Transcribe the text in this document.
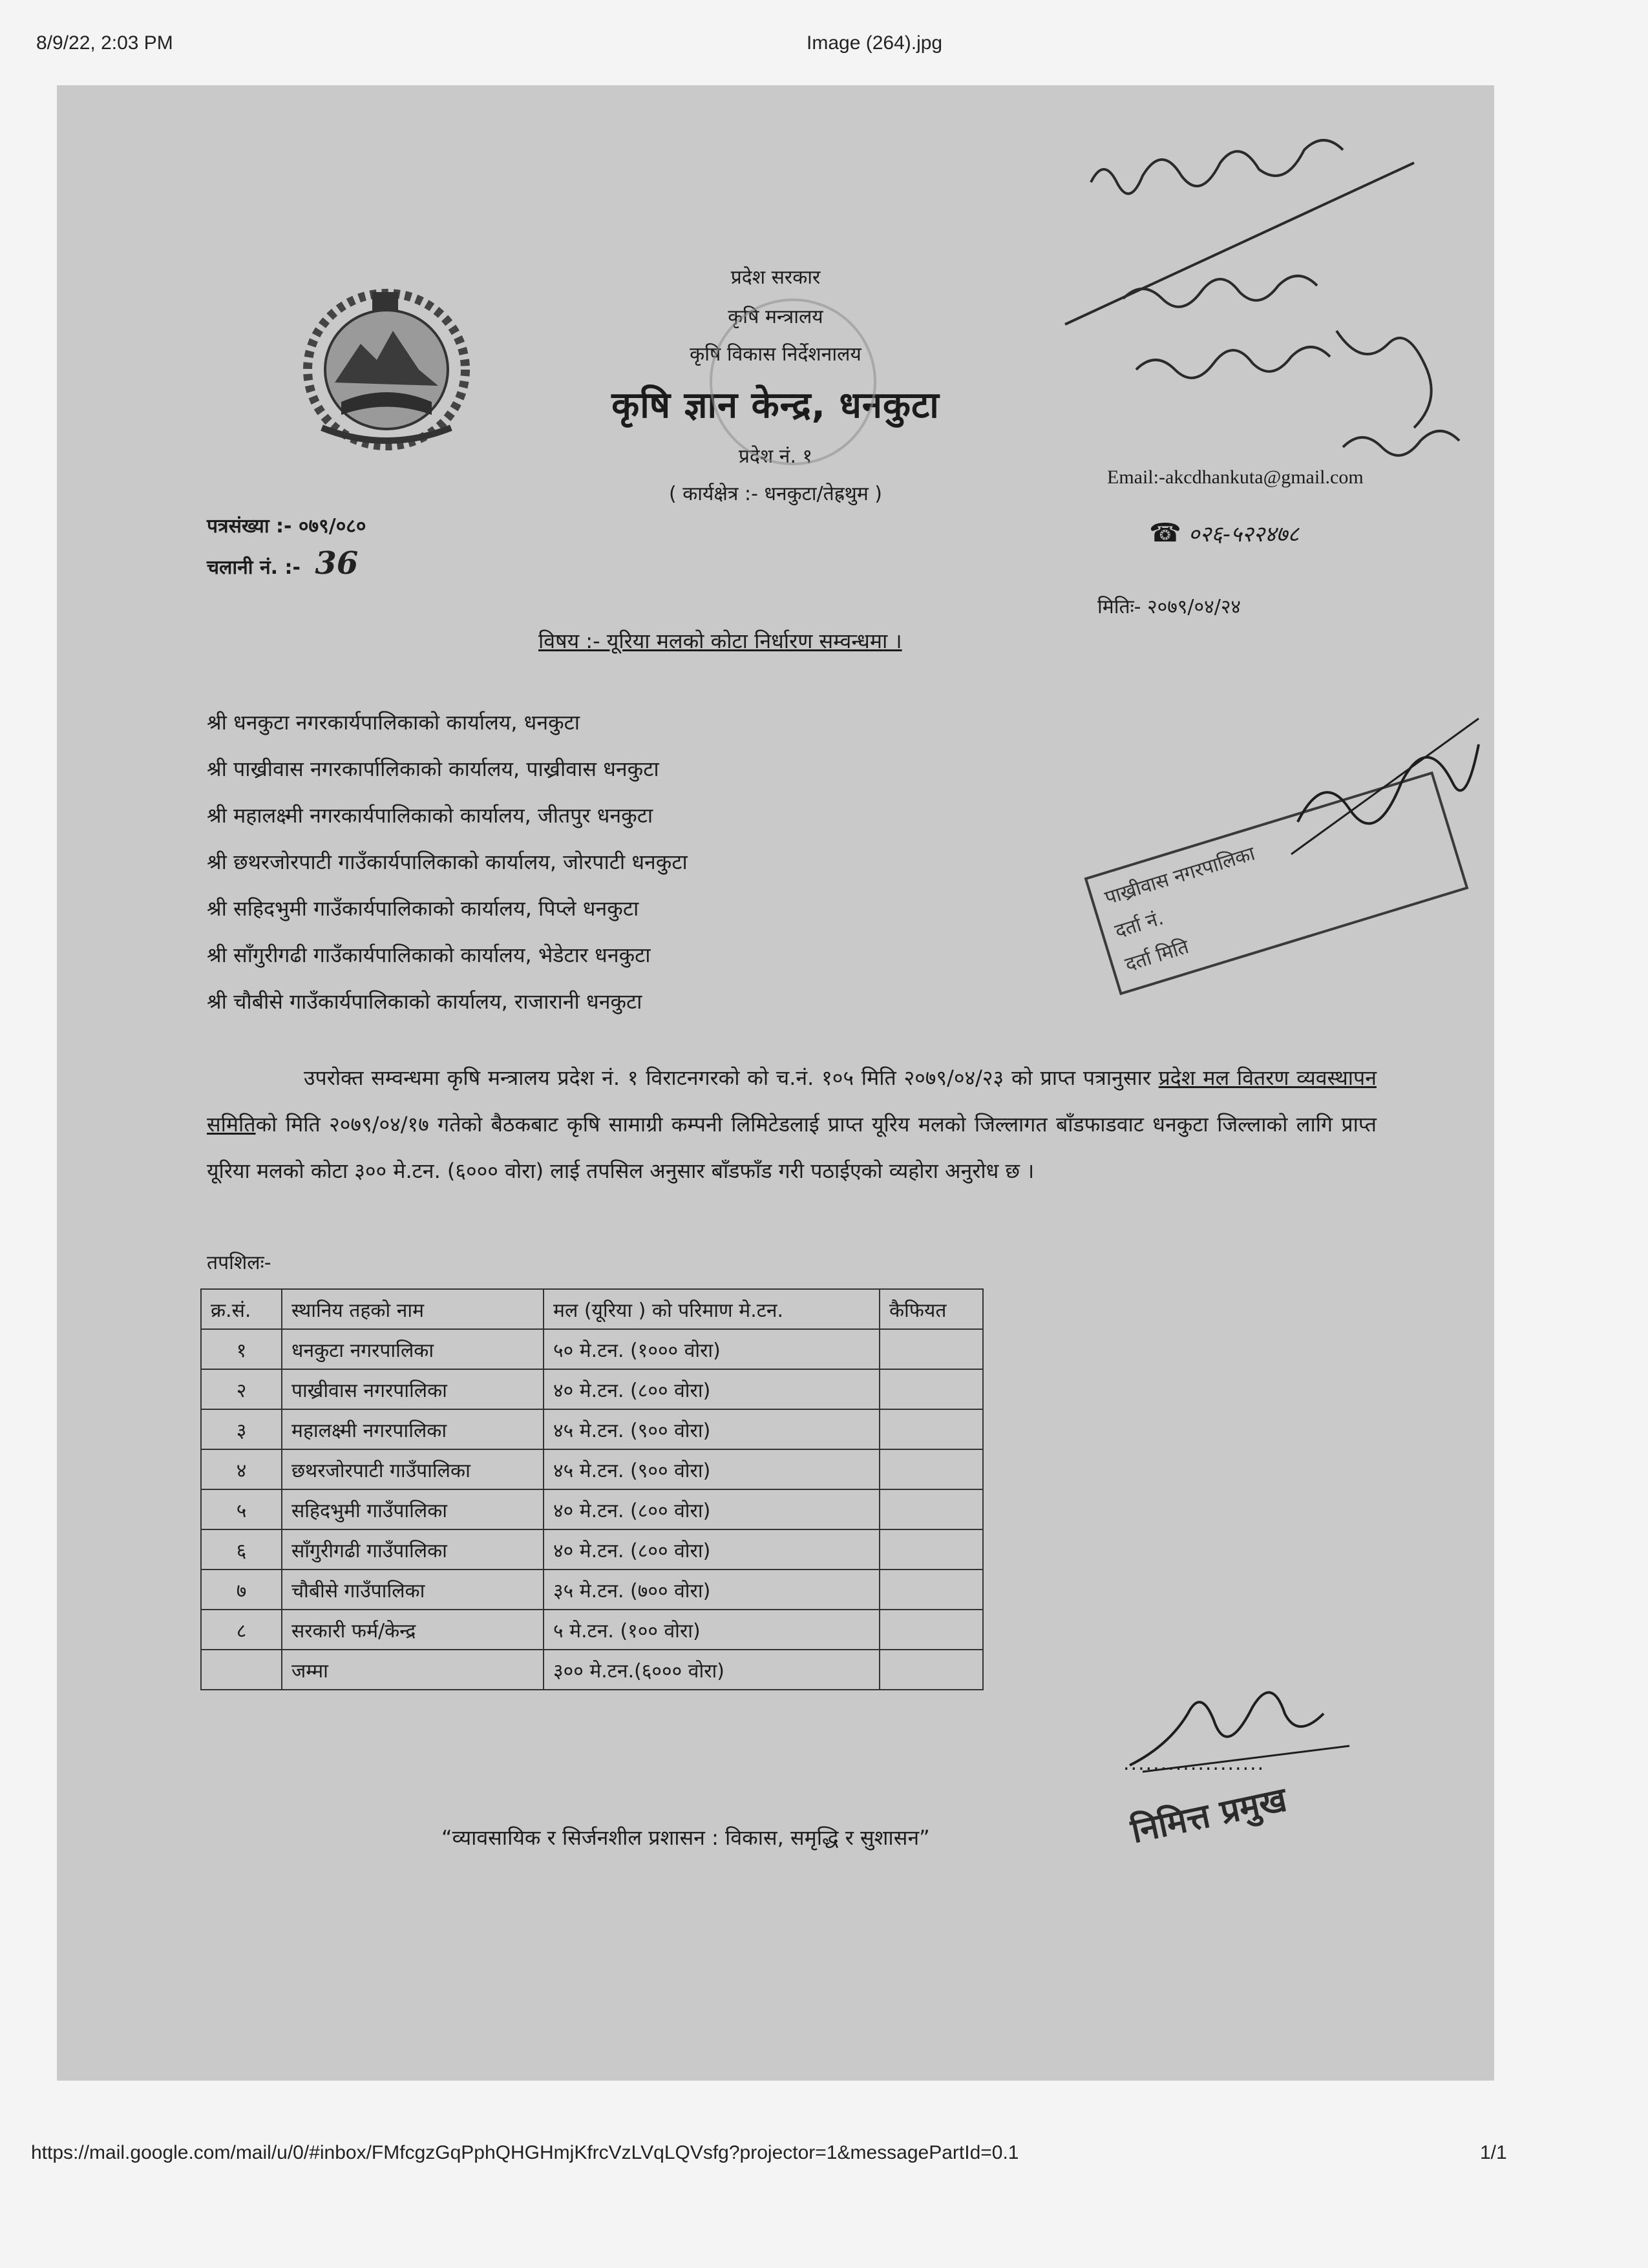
8/9/22, 2:03 PM	Image (264).jpg
प्रदेश सरकार
कृषि मन्त्रालय
कृषि विकास निर्देशनालय
कृषि ज्ञान केन्द्र, धनकुटा
प्रदेश नं. १
( कार्यक्षेत्र :- धनकुटा/तेह्रथुम )
Email:-akcdhankuta@gmail.com
☎ ०२६-५२२४७८
पत्रसंख्या :- ०७९/०८०
चलानी नं. :- 36
मितिः- २०७९/०४/२४
विषय :- यूरिया मलको कोटा निर्धारण सम्वन्धमा ।
श्री धनकुटा नगरकार्यपालिकाको कार्यालय, धनकुटा
श्री पाख्रीवास नगरकार्पालिकाको कार्यालय, पाख्रीवास धनकुटा
श्री महालक्ष्मी नगरकार्यपालिकाको कार्यालय, जीतपुर धनकुटा
श्री छथरजोरपाटी गाउँकार्यपालिकाको कार्यालय, जोरपाटी धनकुटा
श्री सहिदभुमी गाउँकार्यपालिकाको कार्यालय, पिप्ले धनकुटा
श्री साँगुरीगढी गाउँकार्यपालिकाको कार्यालय, भेडेटार धनकुटा
श्री चौबीसे गाउँकार्यपालिकाको कार्यालय, राजारानी धनकुटा
उपरोक्त सम्वन्धमा कृषि मन्त्रालय प्रदेश नं. १ विराटनगरको को च.नं. १०५ मिति २०७९/०४/२३ को प्राप्त पत्रानुसार प्रदेश मल वितरण व्यवस्थापन समितिको मिति २०७९/०४/१७ गतेको बैठकबाट कृषि सामाग्री कम्पनी लिमिटेडलाई प्राप्त यूरिय मलको जिल्लागत बाँडफाडवाट धनकुटा जिल्लाको लागि प्राप्त यूरिया मलको कोटा ३०० मे.टन. (६००० वोरा) लाई तपसिल अनुसार बाँडफाँड गरी पठाईएको व्यहोरा अनुरोध छ ।
तपशिलः-
क्र.सं.	स्थानिय तहको नाम	मल (यूरिया ) को परिमाण मे.टन.	कैफियत
१	धनकुटा नगरपालिका	५० मे.टन. (१००० वोरा)	
२	पाख्रीवास नगरपालिका	४० मे.टन. (८०० वोरा)	
३	महालक्ष्मी नगरपालिका	४५ मे.टन. (९०० वोरा)	
४	छथरजोरपाटी गाउँपालिका	४५ मे.टन. (९०० वोरा)	
५	सहिदभुमी गाउँपालिका	४० मे.टन. (८०० वोरा)	
६	साँगुरीगढी गाउँपालिका	४० मे.टन. (८०० वोरा)	
७	चौबीसे गाउँपालिका	३५ मे.टन. (७०० वोरा)	
८	सरकारी फर्म/केन्द्र	५ मे.टन. (१०० वोरा)	
	जम्मा	३०० मे.टन.(६००० वोरा)	
पाख्रीवास नगरपालिका
दर्ता नं.
दर्ता मिति
...................
निमित्त प्रमुख
“व्यावसायिक र सिर्जनशील प्रशासन : विकास, समृद्धि र सुशासन”
https://mail.google.com/mail/u/0/#inbox/FMfcgzGqPphQHGHmjKfrcVzLVqLQVsfg?projector=1&messagePartId=0.1	1/1
